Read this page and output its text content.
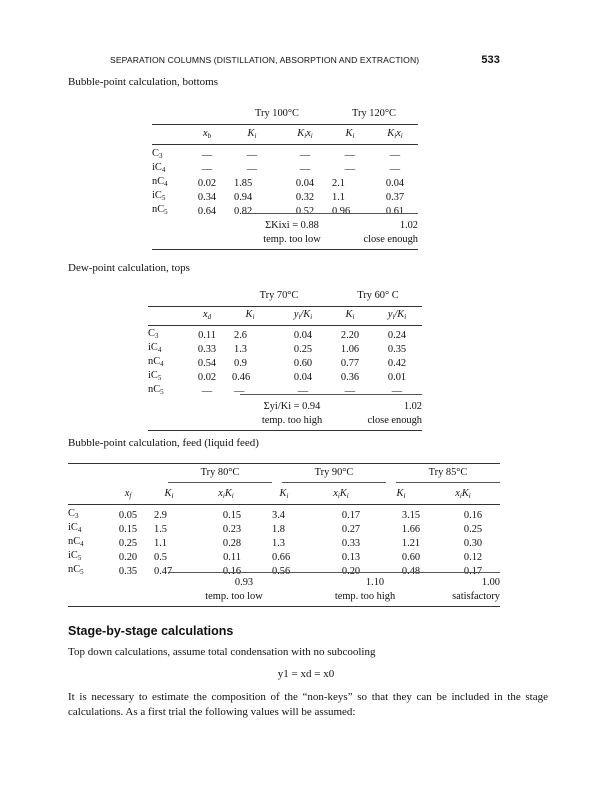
SEPARATION COLUMNS (DISTILLATION, ABSORPTION AND EXTRACTION)	533
Bubble-point calculation, bottoms
	Try 100°C		Try 120°C
	$x_b$	$K_i$	$K_ix_i$	$K_i$	$K_ix_i$
$C_3$	—	—	—	—	—
$iC_4$	—	—	—	—	—
$nC_4$	0.02	1.85	0.04	2.1	0.04
$iC_5$	0.34	0.94	0.32	1.1	0.37
$nC_5$	0.64	0.82	0.52	0.96	0.61
ΣKixi = 0.88	1.02
temp. too low	close enough
Dew-point calculation, tops
	Try 70°C		Try 60° C
	$x_d$	$K_i$	$y_i/K_i$	$K_i$	$y_i/K_i$
$C_3$	0.11	2.6	0.04	2.20	0.24
$iC_4$	0.33	1.3	0.25	1.06	0.35
$nC_4$	0.54	0.9	0.60	0.77	0.42
$iC_5$	0.02	0.46	0.04	0.36	0.01
$nC_5$	—	—	—	—	—
Σyi/Ki = 0.94	1.02
temp. too high	close enough
Bubble-point calculation, feed (liquid feed)
	Try 80°C		Try 90°C		Try 85°C
	$x_f$	$K_i$	$x_iK_i$	$K_i$	$x_iK_i$	$K_i$	$x_iK_i$
$C_3$	0.05	2.9	0.15	3.4	0.17	3.15	0.16
$iC_4$	0.15	1.5	0.23	1.8	0.27	1.66	0.25
$nC_4$	0.25	1.1	0.28	1.3	0.33	1.21	0.30
$iC_5$	0.20	0.5	0.11	0.66	0.13	0.60	0.12
$nC_5$	0.35	0.47	0.16	0.56	0.20	0.48	0.17
0.93	1.10	1.00
temp. too low	temp. too high	satisfactory
Stage-by-stage calculations
Top down calculations, assume total condensation with no subcooling
y1 = xd = x0
It is necessary to estimate the composition of the “non-keys” so that they can be included in the stage calculations. As a first trial the following values will be assumed:
